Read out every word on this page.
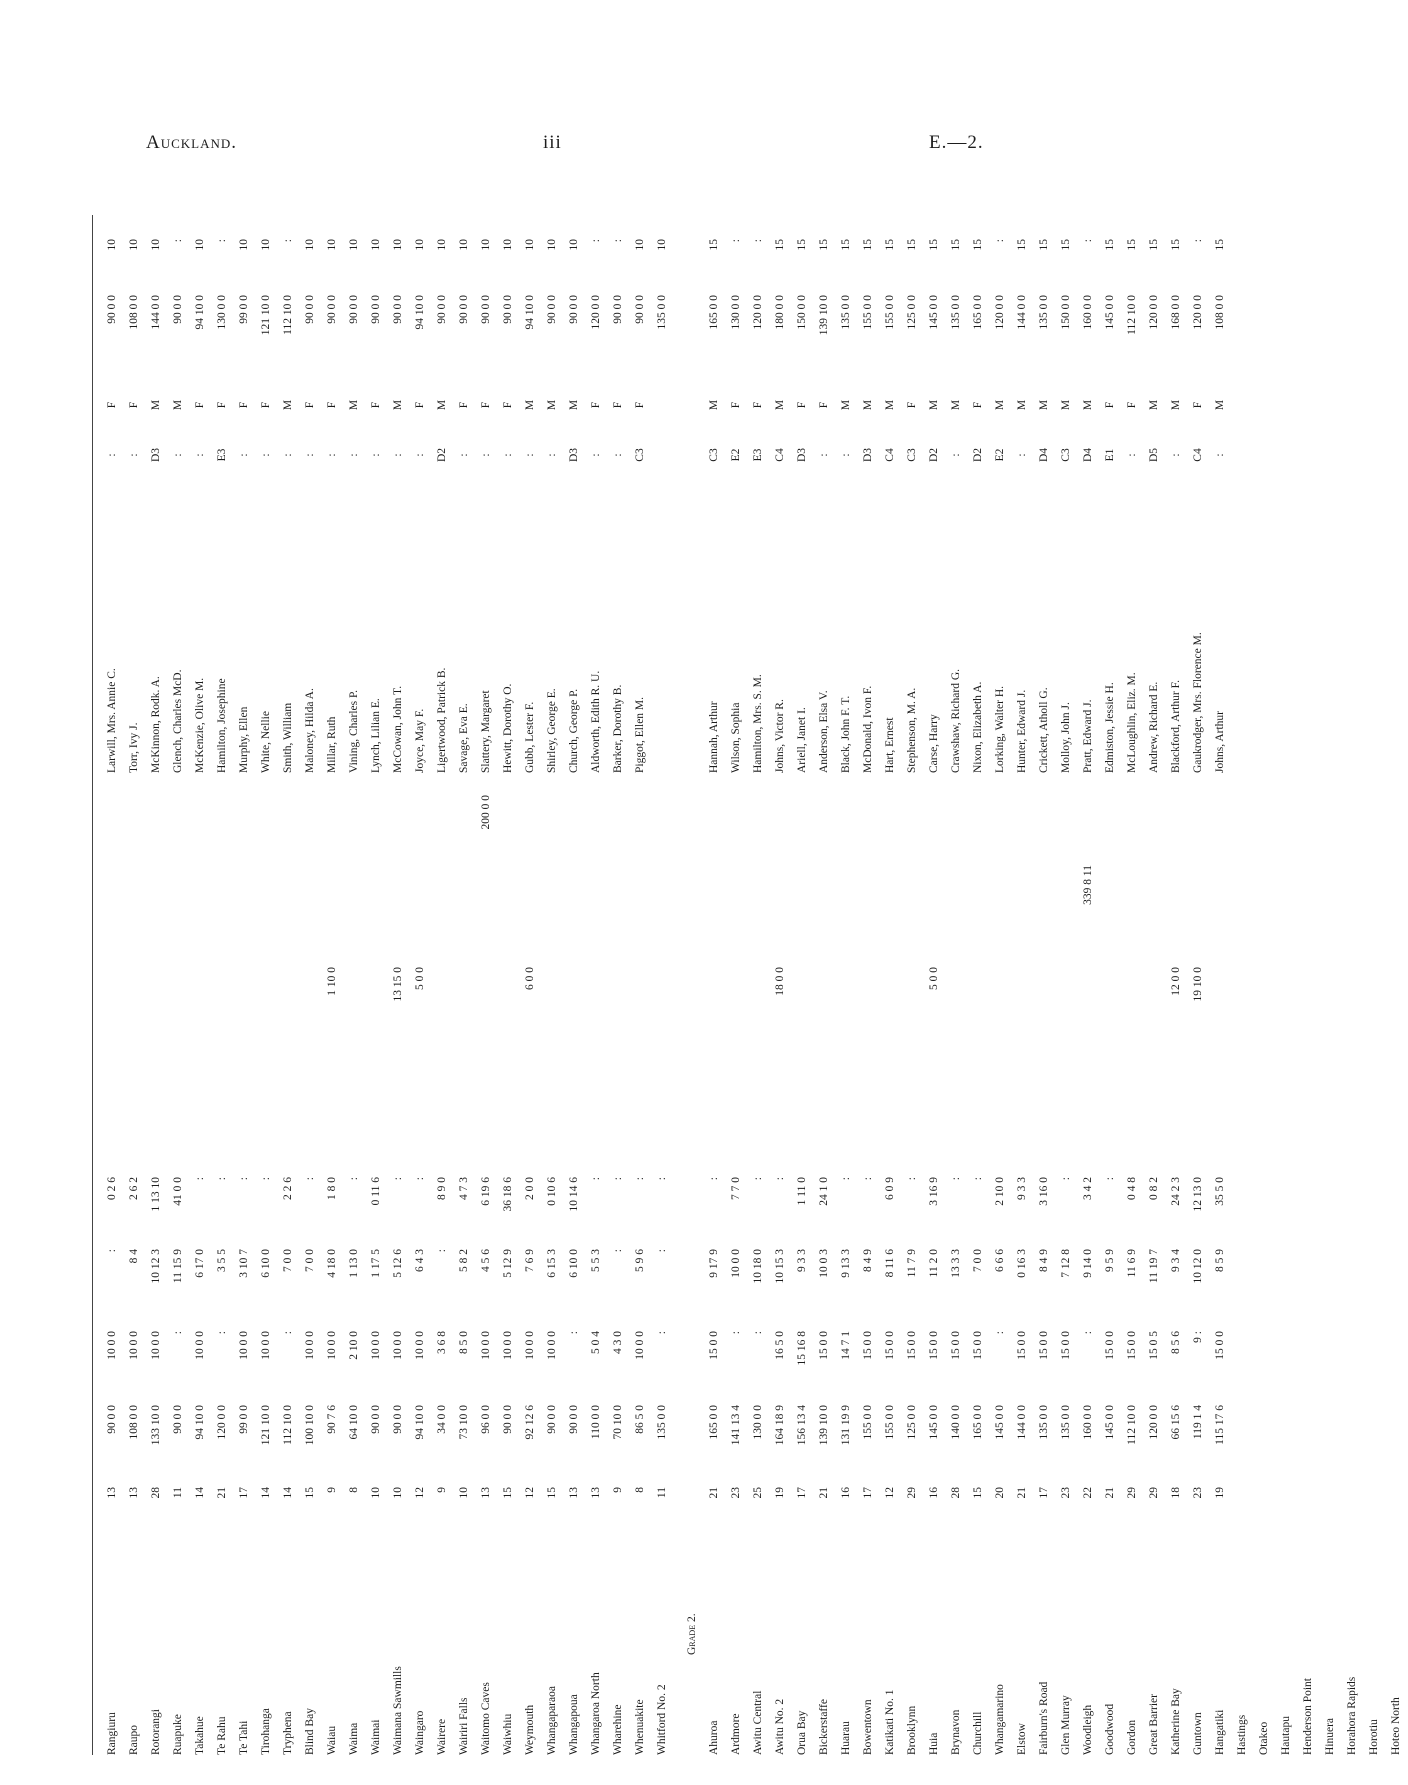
Auckland.	iii	E.—2.
Rangiuru
13
90 0 0
10 0 0
:
0 2 6
Larwill, Mrs. Annie C.
:
F
90 0 0
10
Raupo
13
108 0 0
10 0 0
8 4
2 6 2
Torr, Ivy J.
:
F
108 0 0
10
Rotorangi
28
133 10 0
10 0 0
10 12 3
1 13 10
McKinnon, Rodk. A.
D3
M
144 0 0
10
Ruapuke
11
90 0 0
:
11 15 9
41 0 0
Glench, Charles McD.
:
M
90 0 0
:
Takahue
14
94 10 0
10 0 0
6 17 0
:
McKenzie, Olive M.
:
F
94 10 0
10
Te Rahu
21
120 0 0
:
3 5 5
:
Hamilton, Josephine
E3
F
130 0 0
:
Te Tahi
17
99 0 0
10 0 0
3 10 7
:
Murphy, Ellen
:
F
99 0 0
10
Tirohanga
14
121 10 0
10 0 0
6 10 0
:
White, Nellie
:
F
121 10 0
10
Tryphena
14
112 10 0
:
7 0 0
2 2 6
Smith, William
:
M
112 10 0
:
Blind Bay
15
100 10 0
10 0 0
7 0 0
:
Maloney, Hilda A.
:
F
90 0 0
10
Waiau
9
90 7 6
10 0 0
4 18 0
1 8 0
1 10 0
Millar, Ruth
:
F
90 0 0
10
Waima
8
64 10 0
2 10 0
1 13 0
:
Vining, Charles P.
:
M
90 0 0
10
Waimai
10
90 0 0
10 0 0
1 17 5
0 11 6
Lynch, Lilian E.
:
F
90 0 0
10
Waimana Sawmills
10
90 0 0
10 0 0
5 12 6
:
13 15 0
McCowan, John T.
:
M
90 0 0
10
Waingaro
12
94 10 0
10 0 0
6 4 3
:
5 0 0
Joyce, May F.
:
F
94 10 0
10
Wairere
9
34 0 0
3 6 8
:
8 9 0
Ligertwood, Patrick B.
D2
M
90 0 0
10
Wairiri Falls
10
73 10 0
8 5 0
5 8 2
4 7 3
Savage, Eva E.
:
F
90 0 0
10
Waitomo Caves
13
96 0 0
10 0 0
4 5 6
6 19 6
200 0 0
Slattery, Margaret
:
F
90 0 0
10
Waiwhiu
15
90 0 0
10 0 0
5 12 9
36 18 6
Hewitt, Dorothy O.
:
F
90 0 0
10
Weymouth
12
92 12 6
10 0 0
7 6 9
2 0 0
6 0 0
Gubb, Lester F.
:
M
94 10 0
10
Whangaparaoa
15
90 0 0
10 0 0
6 15 3
0 10 6
Shirley, George E.
:
M
90 0 0
10
Whangapoua
13
90 0 0
:
6 10 0
10 14 6
Church, George P.
D3
M
90 0 0
10
Whangaroa North
13
110 0 0
5 0 4
5 5 3
:
Aldworth, Edith R. U.
:
F
120 0 0
:
Wharehine
9
70 10 0
4 3 0
:
:
Barker, Dorothy B.
:
F
90 0 0
:
Whenuakite
8
86 5 0
10 0 0
5 9 6
:
Piggot, Ellen M.
C3
F
90 0 0
10
Whitford No. 2
11
135 0 0
:
:
:
135 0 0
10
Grade 2.
Ahuroa
21
165 0 0
15 0 0
9 17 9
:
Hannah, Arthur
C3
M
165 0 0
15
Ardmore
23
141 13 4
:
10 0 0
7 7 0
Wilson, Sophia
E2
F
130 0 0
:
Awitu Central
25
130 0 0
:
10 18 0
:
Hamilton, Mrs. S. M.
E3
F
120 0 0
:
Awitu No. 2
19
164 18 9
16 5 0
10 15 3
:
18 0 0
Johns, Victor R.
C4
M
180 0 0
15
Oruа Bay
17
156 13 4
15 16 8
9 3 3
1 11 0
Ariell, Janet I.
D3
F
150 0 0
15
Bickerstaffe
21
139 10 0
15 0 0
10 0 3
24 1 0
Anderson, Elsa V.
:
F
139 10 0
15
Huarau
16
131 19 9
14 7 1
9 13 3
:
Black, John F. T.
:
M
135 0 0
15
Bowentown
17
155 0 0
15 0 0
8 4 9
:
McDonald, Ivon F.
D3
M
155 0 0
15
Katikati No. 1
12
155 0 0
15 0 0
8 11 6
6 0 9
Hart, Ernest
C4
M
155 0 0
15
Brooklynn
29
125 0 0
15 0 0
11 7 9
:
Stephenson, M. A.
C3
F
125 0 0
15
Huia
16
145 0 0
15 0 0
11 2 0
3 16 9
5 0 0
Carse, Harry
D2
M
145 0 0
15
Brynavon
28
140 0 0
15 0 0
13 3 3
:
Crawshaw, Richard G.
:
M
135 0 0
15
Churchill
15
165 0 0
15 0 0
7 0 0
:
Nixon, Elizabeth A.
D2
F
165 0 0
15
Whangamarino
20
145 0 0
:
6 6 6
2 10 0
Lorking, Walter H.
E2
M
120 0 0
:
Elstow
21
144 0 0
15 0 0
0 16 3
9 3 3
Hunter, Edward J.
:
M
144 0 0
15
Fairburn's Road
17
135 0 0
15 0 0
8 4 9
3 16 0
Crickett, Atholl G.
D4
M
135 0 0
15
Glen Murray
23
135 0 0
15 0 0
7 12 8
:
Molloy, John J.
C3
M
150 0 0
15
Woodleigh
22
160 0 0
:
9 14 0
3 4 2
339 8 11
Pratt, Edward J.
D4
M
160 0 0
:
Goodwood
21
145 0 0
15 0 0
9 5 9
:
Edmiston, Jessie H.
E1
F
145 0 0
15
Gordon
29
112 10 0
15 0 0
11 6 9
0 4 8
McLoughlin, Eliz. M.
:
F
112 10 0
15
Great Barrier
29
120 0 0
15 0 5
11 19 7
0 8 2
Andrew, Richard E.
D5
M
120 0 0
15
Katherine Bay
18
66 15 6
8 5 6
9 3 4
24 2 3
12 0 0
Blackford, Arthur F.
:
M
168 0 0
15
Guntown
23
119 1 4
9 :
10 12 0
12 13 0
19 10 0
Gaukrodger, Mrs. Florence M.
C4
F
120 0 0
:
Hangatiki
19
115 17 6
15 0 0
8 5 9
35 5 0
Johns, Arthur
:
M
108 0 0
15
Hastings Otakeo Hautapu Henderson Point Hinuera Horahora Rapids Horotiu Hoteo North
